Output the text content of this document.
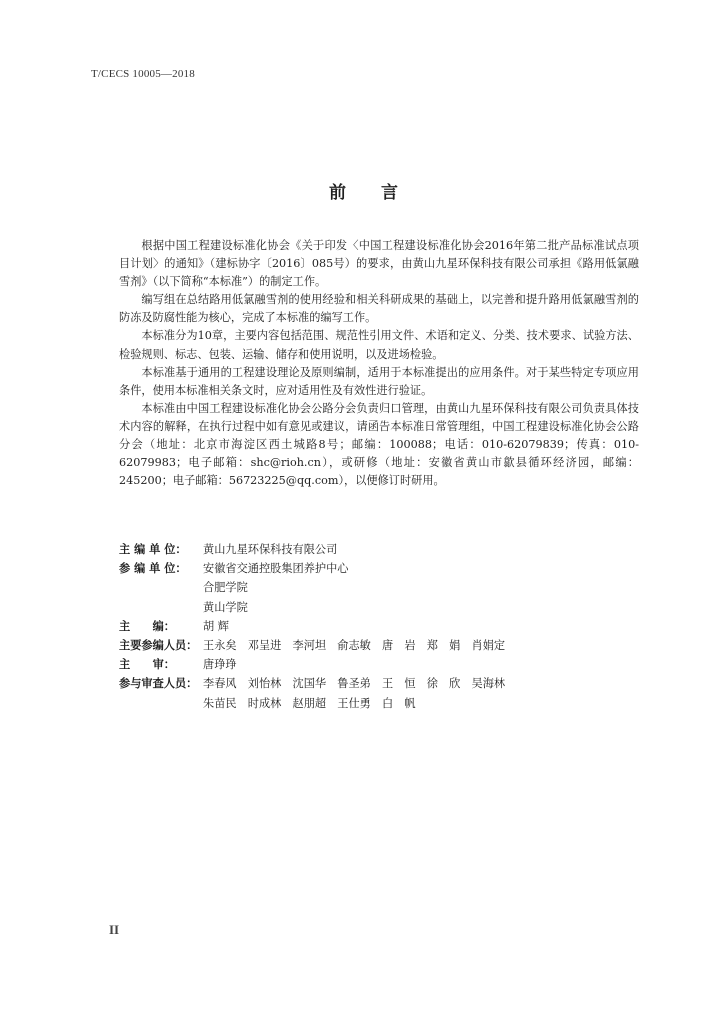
T/CECS 10005—2018
前 言

根据中国工程建设标准化协会《关于印发〈中国工程建设标准化协会2016年第二批产品标准试点项目计划〉的通知》（建标协字〔2016〕085号）的要求，由黄山九星环保科技有限公司承担《路用低氯融雪剂》（以下简称“本标准”）的制定工作。

编写组在总结路用低氯融雪剂的使用经验和相关科研成果的基础上，以完善和提升路用低氯融雪剂的防冻及防腐性能为核心，完成了本标准的编写工作。

本标准分为10章，主要内容包括范围、规范性引用文件、术语和定义、分类、技术要求、试验方法、检验规则、标志、包装、运输、储存和使用说明，以及进场检验。

本标准基于通用的工程建设理论及原则编制，适用于本标准提出的应用条件。对于某些特定专项应用条件，使用本标准相关条文时，应对适用性及有效性进行验证。

本标准由中国工程建设标准化协会公路分会负责归口管理，由黄山九星环保科技有限公司负责具体技术内容的解释，在执行过程中如有意见或建议，请函告本标准日常管理组，中国工程建设标准化协会公路分会（地址：北京市海淀区西土城路8号；邮编：100088；电话：010-62079839；传真：010-62079983；电子邮箱：shc@rioh.cn），或研修（地址：安徽省黄山市歙县循环经济园，邮编：245200；电子邮箱：56723225@qq.com），以便修订时研用。

主 编 单 位：	黄山九星环保科技有限公司
参 编 单 位：	安徽省交通控股集团养护中心
合肥学院
黄山学院
主　　编：	胡 辉
主要参编人员： 王永矣　邓呈进　李河坦　俞志敏　唐　岩　郑　娟　肖娟定
主　　审：	唐琤琤
参与审查人员： 李春风　刘怡林　沈国华　鲁圣弟　王　恒　徐　欣　吴海林
朱苗民　时成林　赵朋超　王仕勇　白　帆
II
